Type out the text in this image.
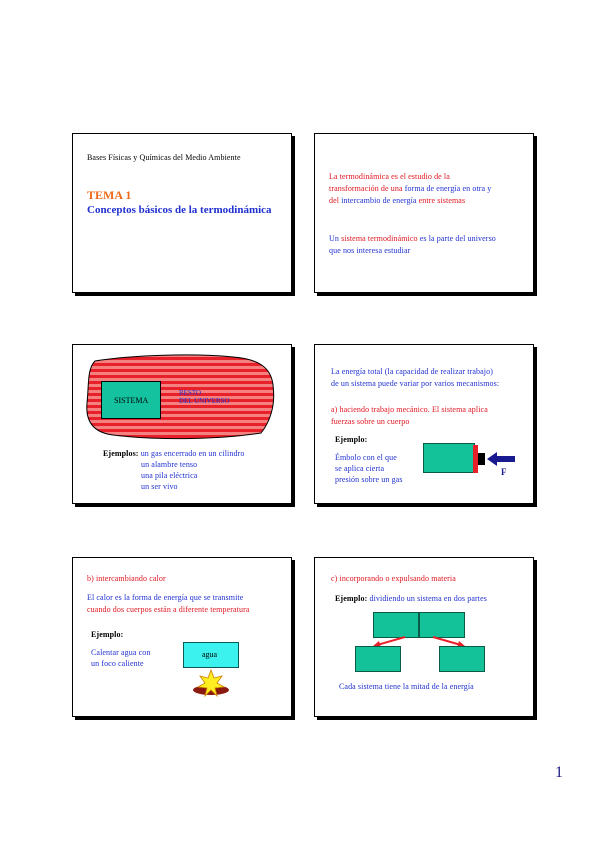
Bases Físicas y Químicas del Medio Ambiente

TEMA 1

Conceptos básicos de la termodinámica

La termodinámica es el estudio de la

transformación de una forma de energía en otra y

del intercambio de energía entre sistemas

Un sistema termodinámico es la parte del universo

que nos interesa estudiar

SISTEMA

RESTO

DEL UNIVERSO

Ejemplos: un gas encerrado en un cilindro

un alambre tenso

una pila eléctrica

un ser vivo

La energía total (la capacidad de realizar trabajo)

de un sistema puede variar por varios mecanismos:

a) haciendo trabajo mecánico. El sistema aplica

fuerzas sobre un cuerpo

Ejemplo:

Émbolo con el que

se aplica cierta

presión sobre un gas

F

b) intercambiando calor

El calor es la forma de energía que se transmite

cuando dos cuerpos están a diferente temperatura

Ejemplo:

Calentar agua con

un foco caliente

agua

c) incorporando o expulsando materia

Ejemplo: dividiendo un sistema en dos partes

Cada sistema tiene la mitad de la energía

1
